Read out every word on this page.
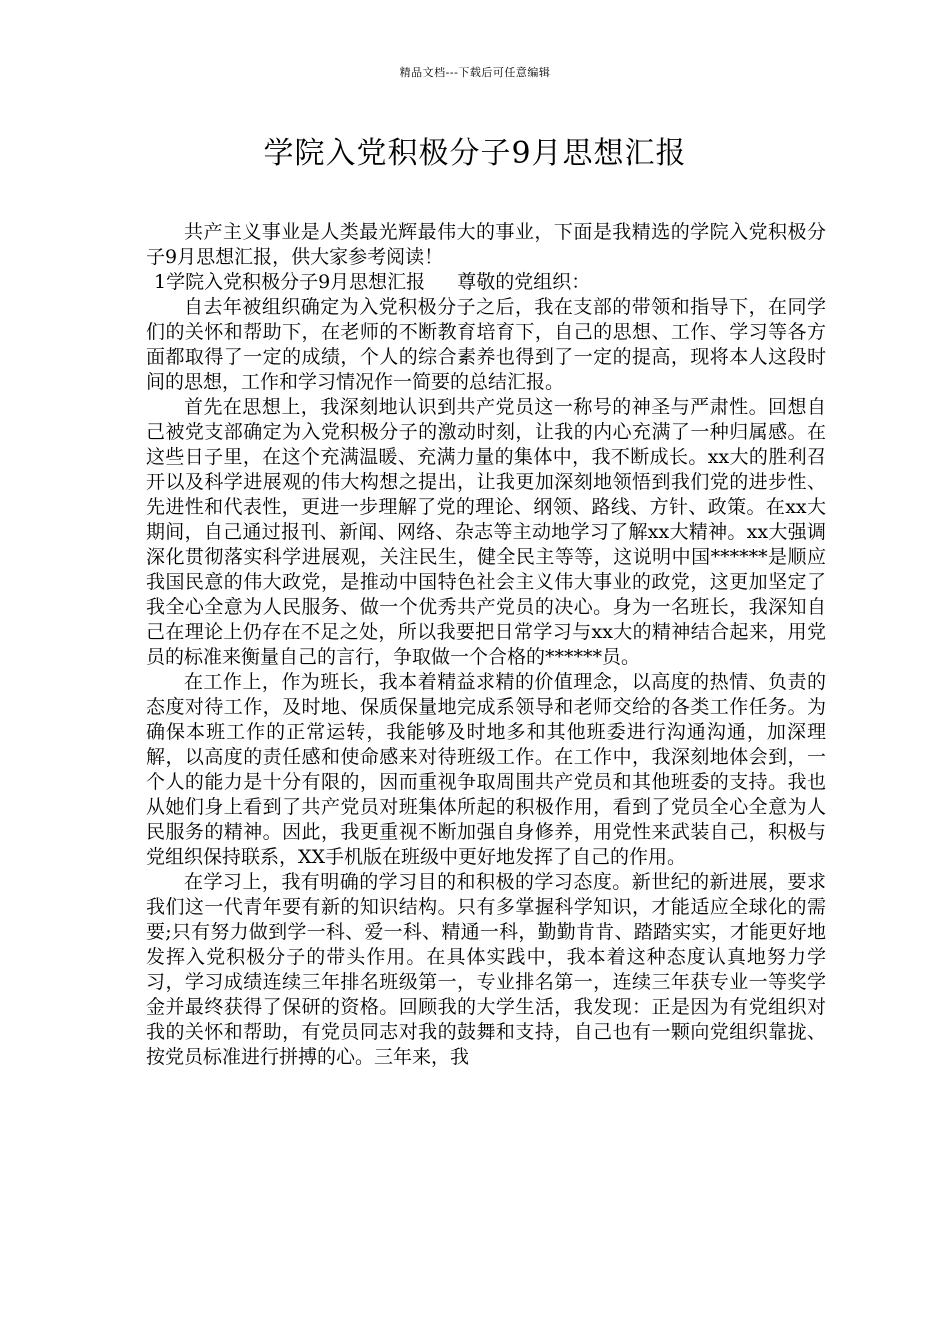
精品文档---下载后可任意编辑
学院入党积极分子9月思想汇报

共产主义事业是人类最光辉最伟大的事业，下面是我精选的学院入党积极分子9月思想汇报，供大家参考阅读！

1学院入党积极分子9月思想汇报 尊敬的党组织：

自去年被组织确定为入党积极分子之后，我在支部的带领和指导下，在同学们的关怀和帮助下，在老师的不断教育培育下，自己的思想、工作、学习等各方面都取得了一定的成绩，个人的综合素养也得到了一定的提高，现将本人这段时间的思想，工作和学习情况作一简要的总结汇报。

首先在思想上，我深刻地认识到共产党员这一称号的神圣与严肃性。回想自己被党支部确定为入党积极分子的激动时刻，让我的内心充满了一种归属感。在这些日子里，在这个充满温暖、充满力量的集体中，我不断成长。xx大的胜利召开以及科学进展观的伟大构想之提出，让我更加深刻地领悟到我们党的进步性、先进性和代表性，更进一步理解了党的理论、纲领、路线、方针、政策。在xx大期间，自己通过报刊、新闻、网络、杂志等主动地学习了解xx大精神。xx大强调深化贯彻落实科学进展观，关注民生，健全民主等等，这说明中国******是顺应我国民意的伟大政党，是推动中国特色社会主义伟大事业的政党，这更加坚定了我全心全意为人民服务、做一个优秀共产党员的决心。身为一名班长，我深知自己在理论上仍存在不足之处，所以我要把日常学习与xx大的精神结合起来，用党员的标准来衡量自己的言行，争取做一个合格的******员。

在工作上，作为班长，我本着精益求精的价值理念，以高度的热情、负责的态度对待工作，及时地、保质保量地完成系领导和老师交给的各类工作任务。为确保本班工作的正常运转，我能够及时地多和其他班委进行沟通沟通，加深理解，以高度的责任感和使命感来对待班级工作。在工作中，我深刻地体会到，一个人的能力是十分有限的，因而重视争取周围共产党员和其他班委的支持。我也从她们身上看到了共产党员对班集体所起的积极作用，看到了党员全心全意为人民服务的精神。因此，我更重视不断加强自身修养，用党性来武装自己，积极与党组织保持联系，XX手机版在班级中更好地发挥了自己的作用。

在学习上，我有明确的学习目的和积极的学习态度。新世纪的新进展，要求我们这一代青年要有新的知识结构。只有多掌握科学知识，才能适应全球化的需要;只有努力做到学一科、爱一科、精通一科，勤勤肯肯、踏踏实实，才能更好地发挥入党积极分子的带头作用。在具体实践中，我本着这种态度认真地努力学习，学习成绩连续三年排名班级第一，专业排名第一，连续三年获专业一等奖学金并最终获得了保研的资格。回顾我的大学生活，我发现：正是因为有党组织对我的关怀和帮助，有党员同志对我的鼓舞和支持，自己也有一颗向党组织靠拢、按党员标准进行拼搏的心。三年来，我
